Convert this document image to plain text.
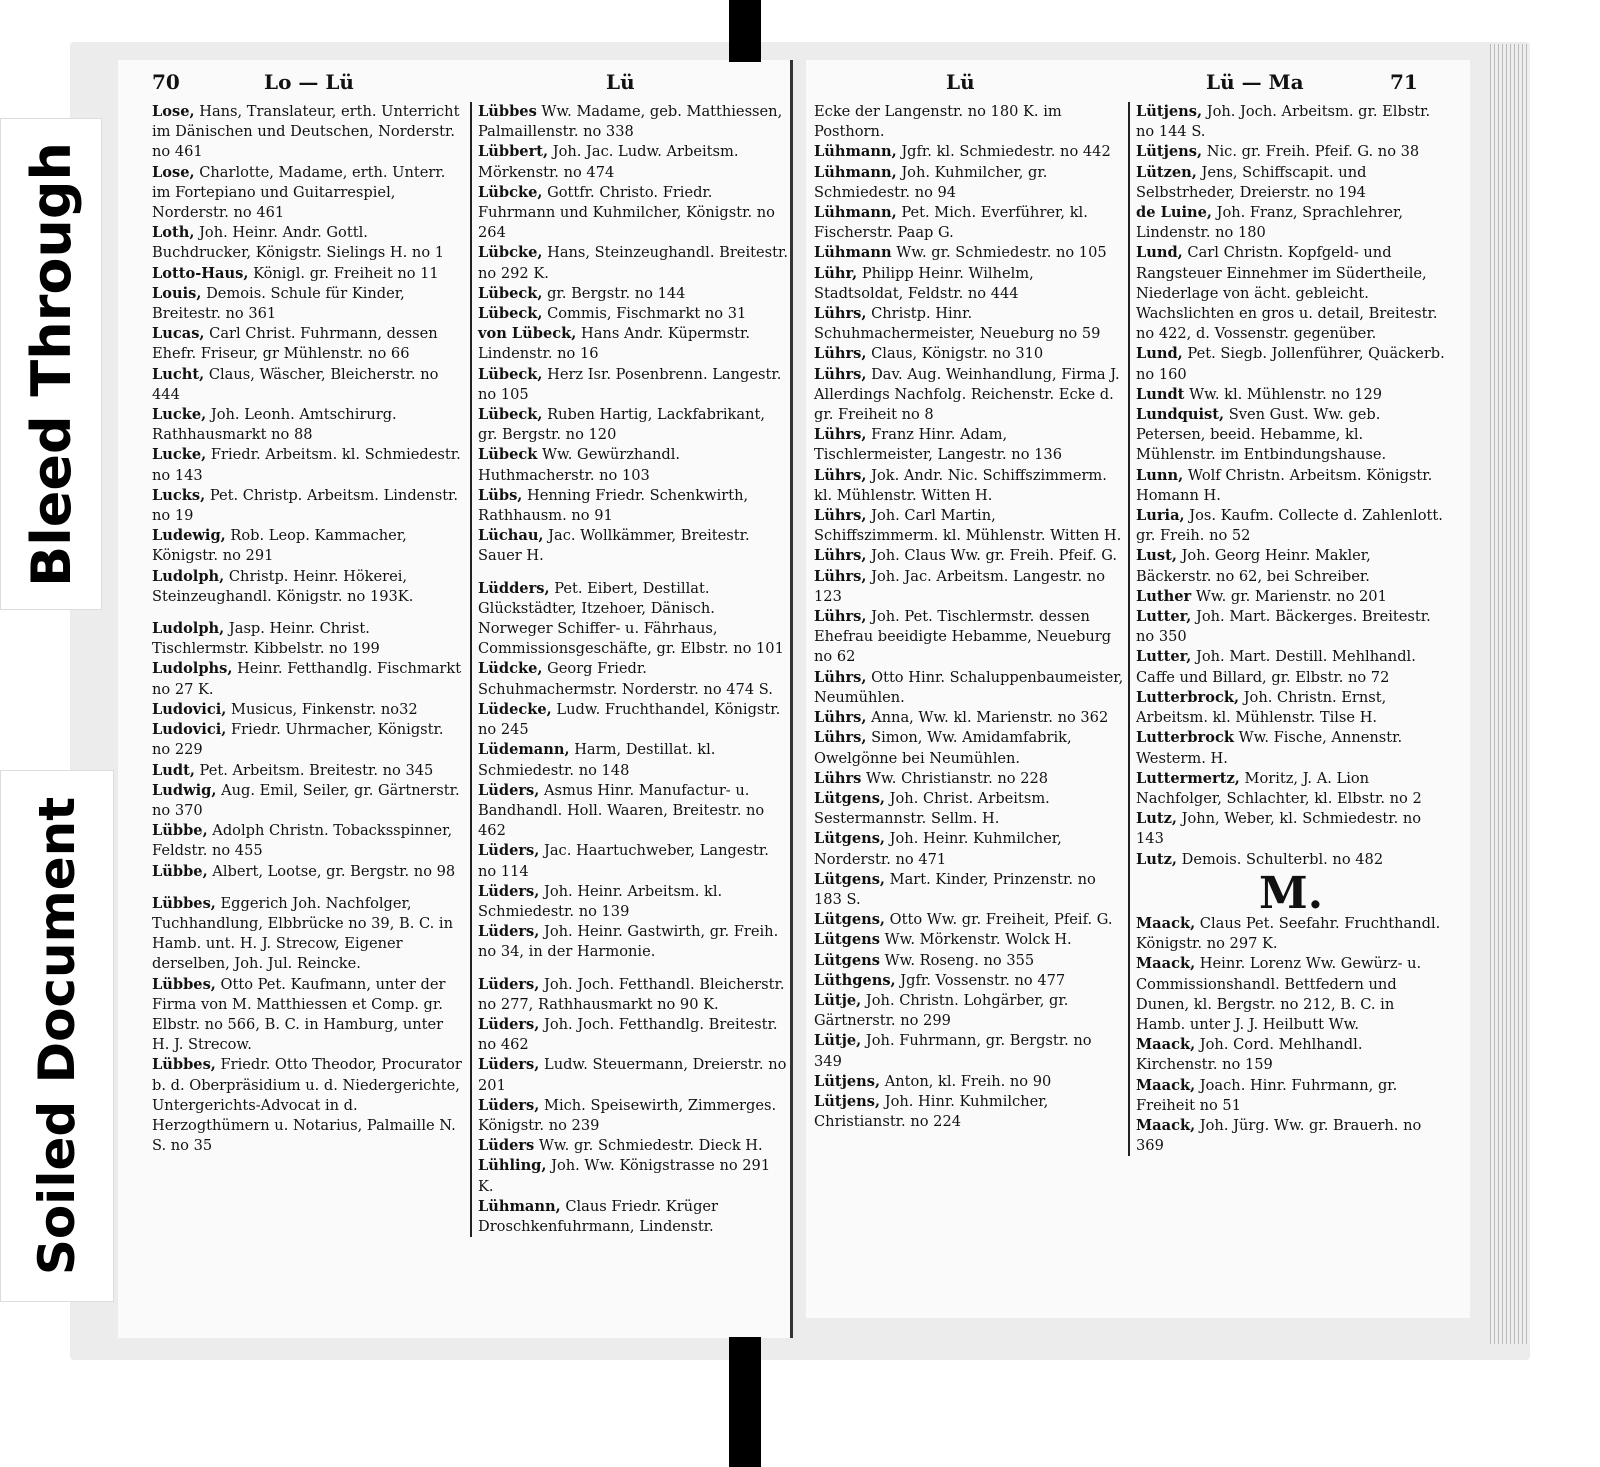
70	Lo — Lü	Lü
Lose, Hans, Translateur, erth. Unterricht im Dänischen und Deutschen, Norderstr. no 461
Lose, Charlotte, Madame, erth. Unterr. im Fortepiano und Guitarrespiel, Norderstr. no 461
Loth, Joh. Heinr. Andr. Gottl. Buchdrucker, Königstr. Sielings H. no 1
Lotto-Haus, Königl. gr. Freiheit no 11
Louis, Demois. Schule für Kinder, Breitestr. no 361
Lucas, Carl Christ. Fuhrmann, dessen Ehefr. Friseur, gr Mühlenstr. no 66
Lucht, Claus, Wäscher, Bleicherstr. no 444
Lucke, Joh. Leonh. Amtschirurg. Rathhausmarkt no 88
Lucke, Friedr. Arbeitsm. kl. Schmiedestr. no 143
Lucks, Pet. Christp. Arbeitsm. Lindenstr. no 19
Ludewig, Rob. Leop. Kammacher, Königstr. no 291
Ludolph, Christp. Heinr. Hökerei, Steinzeughandl. Königstr. no 193K.
Ludolph, Jasp. Heinr. Christ. Tischlermstr. Kibbelstr. no 199
Ludolphs, Heinr. Fetthandlg. Fischmarkt no 27 K.
Ludovici, Musicus, Finkenstr. no32
Ludovici, Friedr. Uhrmacher, Königstr. no 229
Ludt, Pet. Arbeitsm. Breitestr. no 345
Ludwig, Aug. Emil, Seiler, gr. Gärtnerstr. no 370
Lübbe, Adolph Christn. Tobacksspinner, Feldstr. no 455
Lübbe, Albert, Lootse, gr. Bergstr. no 98
Lübbes, Eggerich Joh. Nachfolger, Tuchhandlung, Elbbrücke no 39, B. C. in Hamb. unt. H. J. Strecow, Eigener derselben, Joh. Jul. Reincke.
Lübbes, Otto Pet. Kaufmann, unter der Firma von M. Matthiessen et Comp. gr. Elbstr. no 566, B. C. in Hamburg, unter H. J. Strecow.
Lübbes, Friedr. Otto Theodor, Procurator b. d. Oberpräsidium u. d. Niedergerichte, Untergerichts-Advocat in d. Herzogthümern u. Notarius, Palmaille N. S. no 35
Lübbes Ww. Madame, geb. Matthiessen, Palmaillenstr. no 338
Lübbert, Joh. Jac. Ludw. Arbeitsm. Mörkenstr. no 474
Lübcke, Gottfr. Christo. Friedr. Fuhrmann und Kuhmilcher, Königstr. no 264
Lübcke, Hans, Steinzeughandl. Breitestr. no 292 K.
Lübeck, gr. Bergstr. no 144
Lübeck, Commis, Fischmarkt no 31
von Lübeck, Hans Andr. Küpermstr. Lindenstr. no 16
Lübeck, Herz Isr. Posenbrenn. Langestr. no 105
Lübeck, Ruben Hartig, Lackfabrikant, gr. Bergstr. no 120
Lübeck Ww. Gewürzhandl. Huthmacherstr. no 103
Lübs, Henning Friedr. Schenkwirth, Rathhausm. no 91
Lüchau, Jac. Wollkämmer, Breitestr. Sauer H.
Lüdders, Pet. Eibert, Destillat. Glückstädter, Itzehoer, Dänisch. Norweger Schiffer- u. Fährhaus, Commissionsgeschäfte, gr. Elbstr. no 101
Lüdcke, Georg Friedr. Schuhmachermstr. Norderstr. no 474 S.
Lüdecke, Ludw. Fruchthandel, Königstr. no 245
Lüdemann, Harm, Destillat. kl. Schmiedestr. no 148
Lüders, Asmus Hinr. Manufactur- u. Bandhandl. Holl. Waaren, Breitestr. no 462
Lüders, Jac. Haartuchweber, Langestr. no 114
Lüders, Joh. Heinr. Arbeitsm. kl. Schmiedestr. no 139
Lüders, Joh. Heinr. Gastwirth, gr. Freih. no 34, in der Harmonie.
Lüders, Joh. Joch. Fetthandl. Bleicherstr. no 277, Rathhausmarkt no 90 K.
Lüders, Joh. Joch. Fetthandlg. Breitestr. no 462
Lüders, Ludw. Steuermann, Dreierstr. no 201
Lüders, Mich. Speisewirth, Zimmerges. Königstr. no 239
Lüders Ww. gr. Schmiedestr. Dieck H.
Lühling, Joh. Ww. Königstrasse no 291 K.
Lühmann, Claus Friedr. Krüger Droschkenfuhrmann, Lindenstr.
Lü	Lü — Ma	71
Ecke der Langenstr. no 180 K. im Posthorn.
Lühmann, Jgfr. kl. Schmiedestr. no 442
Lühmann, Joh. Kuhmilcher, gr. Schmiedestr. no 94
Lühmann, Pet. Mich. Everführer, kl. Fischerstr. Paap G.
Lühmann Ww. gr. Schmiedestr. no 105
Lühr, Philipp Heinr. Wilhelm, Stadtsoldat, Feldstr. no 444
Lührs, Christp. Hinr. Schuhmachermeister, Neueburg no 59
Lührs, Claus, Königstr. no 310
Lührs, Dav. Aug. Weinhandlung, Firma J. Allerdings Nachfolg. Reichenstr. Ecke d. gr. Freiheit no 8
Lührs, Franz Hinr. Adam, Tischlermeister, Langestr. no 136
Lührs, Jok. Andr. Nic. Schiffszimmerm. kl. Mühlenstr. Witten H.
Lührs, Joh. Carl Martin, Schiffszimmerm. kl. Mühlenstr. Witten H.
Lührs, Joh. Claus Ww. gr. Freih. Pfeif. G.
Lührs, Joh. Jac. Arbeitsm. Langestr. no 123
Lührs, Joh. Pet. Tischlermstr. dessen Ehefrau beeidigte Hebamme, Neueburg no 62
Lührs, Otto Hinr. Schaluppenbaumeister, Neumühlen.
Lührs, Anna, Ww. kl. Marienstr. no 362
Lührs, Simon, Ww. Amidamfabrik, Owelgönne bei Neumühlen.
Lührs Ww. Christianstr. no 228
Lütgens, Joh. Christ. Arbeitsm. Sestermannstr. Sellm. H.
Lütgens, Joh. Heinr. Kuhmilcher, Norderstr. no 471
Lütgens, Mart. Kinder, Prinzenstr. no 183 S.
Lütgens, Otto Ww. gr. Freiheit, Pfeif. G.
Lütgens Ww. Mörkenstr. Wolck H.
Lütgens Ww. Roseng. no 355
Lüthgens, Jgfr. Vossenstr. no 477
Lütje, Joh. Christn. Lohgärber, gr. Gärtnerstr. no 299
Lütje, Joh. Fuhrmann, gr. Bergstr. no 349
Lütjens, Anton, kl. Freih. no 90
Lütjens, Joh. Hinr. Kuhmilcher, Christianstr. no 224
Lütjens, Joh. Joch. Arbeitsm. gr. Elbstr. no 144 S.
Lütjens, Nic. gr. Freih. Pfeif. G. no 38
Lützen, Jens, Schiffscapit. und Selbstrheder, Dreierstr. no 194
de Luine, Joh. Franz, Sprachlehrer, Lindenstr. no 180
Lund, Carl Christn. Kopfgeld- und Rangsteuer Einnehmer im Südertheile, Niederlage von ächt. gebleicht. Wachslichten en gros u. detail, Breitestr. no 422, d. Vossenstr. gegenüber.
Lund, Pet. Siegb. Jollenführer, Quäckerb. no 160
Lundt Ww. kl. Mühlenstr. no 129
Lundquist, Sven Gust. Ww. geb. Petersen, beeid. Hebamme, kl. Mühlenstr. im Entbindungshause.
Lunn, Wolf Christn. Arbeitsm. Königstr. Homann H.
Luria, Jos. Kaufm. Collecte d. Zahlenlott. gr. Freih. no 52
Lust, Joh. Georg Heinr. Makler, Bäckerstr. no 62, bei Schreiber.
Luther Ww. gr. Marienstr. no 201
Lutter, Joh. Mart. Bäckerges. Breitestr. no 350
Lutter, Joh. Mart. Destill. Mehlhandl. Caffe und Billard, gr. Elbstr. no 72
Lutterbrock, Joh. Christn. Ernst, Arbeitsm. kl. Mühlenstr. Tilse H.
Lutterbrock Ww. Fische, Annenstr. Westerm. H.
Luttermertz, Moritz, J. A. Lion Nachfolger, Schlachter, kl. Elbstr. no 2
Lutz, John, Weber, kl. Schmiedestr. no 143
Lutz, Demois. Schulterbl. no 482
M.
Maack, Claus Pet. Seefahr. Fruchthandl. Königstr. no 297 K.
Maack, Heinr. Lorenz Ww. Gewürz- u. Commissionshandl. Bettfedern und Dunen, kl. Bergstr. no 212, B. C. in Hamb. unter J. J. Heilbutt Ww.
Maack, Joh. Cord. Mehlhandl. Kirchenstr. no 159
Maack, Joach. Hinr. Fuhrmann, gr. Freiheit no 51
Maack, Joh. Jürg. Ww. gr. Brauerh. no 369
Bleed Through
Soiled Document
